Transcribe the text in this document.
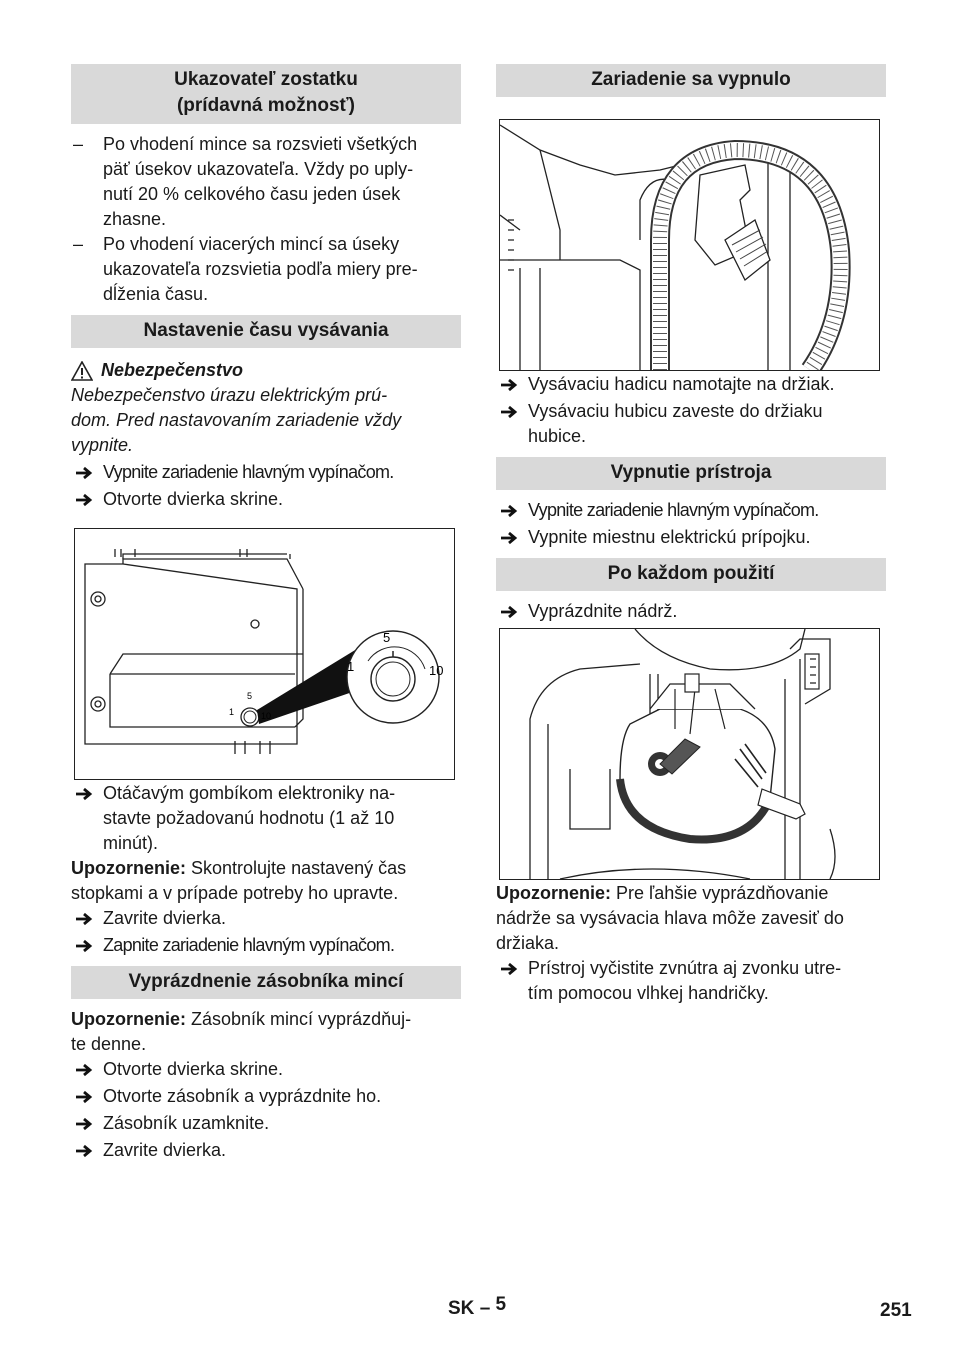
Ukazovateľ zostatku
(prídavná možnosť)
–	Po vhodení mince sa rozsvieti všetkých
päť úsekov ukazovateľa. Vždy po uply-
nutí 20 % celkového času jeden úsek
zhasne.
–	Po vhodení viacerých mincí sa úseky
ukazovateľa rozsvietia podľa miery pre-
dĺženia času.
Nastavenie času vysávania
Nebezpečenstvo
Nebezpečenstvo úrazu elektrickým prú-
dom. Pred nastavovaním zariadenie vždy
vypnite.
Vypnite zariadenie hlavným vypínačom.
Otvorte dvierka skrine.
5
1	10
5
1	10
Otáčavým gombíkom elektroniky na-
stavte požadovanú hodnotu (1 až 10
minút).
Upozornenie: Skontrolujte nastavený čas
stopkami a v prípade potreby ho upravte.
Zavrite dvierka.
Zapnite zariadenie hlavným vypínačom.
Vyprázdnenie zásobníka mincí
Upozornenie: Zásobník mincí vyprázdňuj-
te denne.
Otvorte dvierka skrine.
Otvorte zásobník a vyprázdnite ho.
Zásobník uzamknite.
Zavrite dvierka.
Zariadenie sa vypnulo
Vysávaciu hadicu namotajte na držiak.
Vysávaciu hubicu zaveste do držiaku
hubice.
Vypnutie prístroja
Vypnite zariadenie hlavným vypínačom.
Vypnite miestnu elektrickú prípojku.
Po každom použití
Vyprázdnite nádrž.
Upozornenie: Pre ľahšie vyprázdňovanie
nádrže sa vysávacia hlava môže zavesiť do
držiaka.
Prístroj vyčistite zvnútra aj zvonku utre-
tím pomocou vlhkej handričky.
SK – 5	251
